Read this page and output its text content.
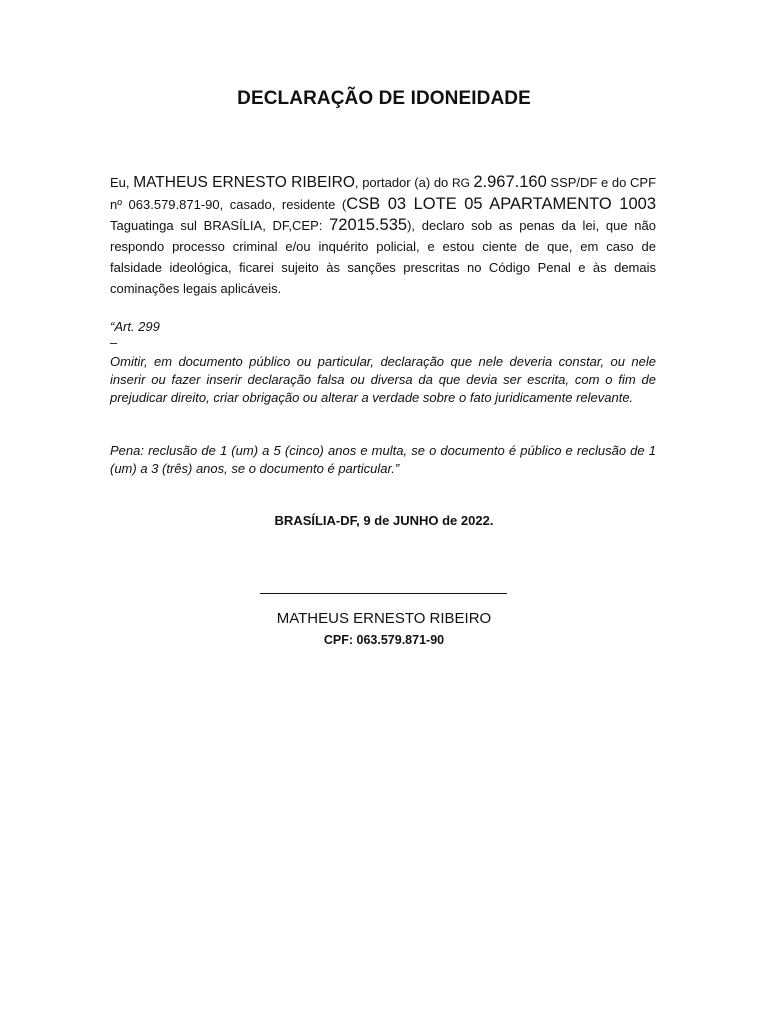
DECLARAÇÃO DE IDONEIDADE

Eu, MATHEUS ERNESTO RIBEIRO, portador (a) do RG 2.967.160 SSP/DF e do CPF nº 063.579.871-90, casado, residente (CSB 03 LOTE 05 APARTAMENTO 1003 Taguatinga sul BRASÍLIA, DF,CEP: 72015.535), declaro sob as penas da lei, que não respondo processo criminal e/ou inquérito policial, e estou ciente de que, em caso de falsidade ideológica, ficarei sujeito às sanções prescritas no Código Penal e às demais cominações legais aplicáveis.

“Art. 299
–
Omitir, em documento público ou particular, declaração que nele deveria constar, ou nele inserir ou fazer inserir declaração falsa ou diversa da que devia ser escrita, com o fim de prejudicar direito, criar obrigação ou alterar a verdade sobre o fato juridicamente relevante.
Pena: reclusão de 1 (um) a 5 (cinco) anos e multa, se o documento é público e reclusão de 1 (um) a 3 (três) anos, se o documento é particular.”
BRASÍLIA-DF, 9 de JUNHO de 2022.
MATHEUS ERNESTO RIBEIRO
CPF: 063.579.871-90
